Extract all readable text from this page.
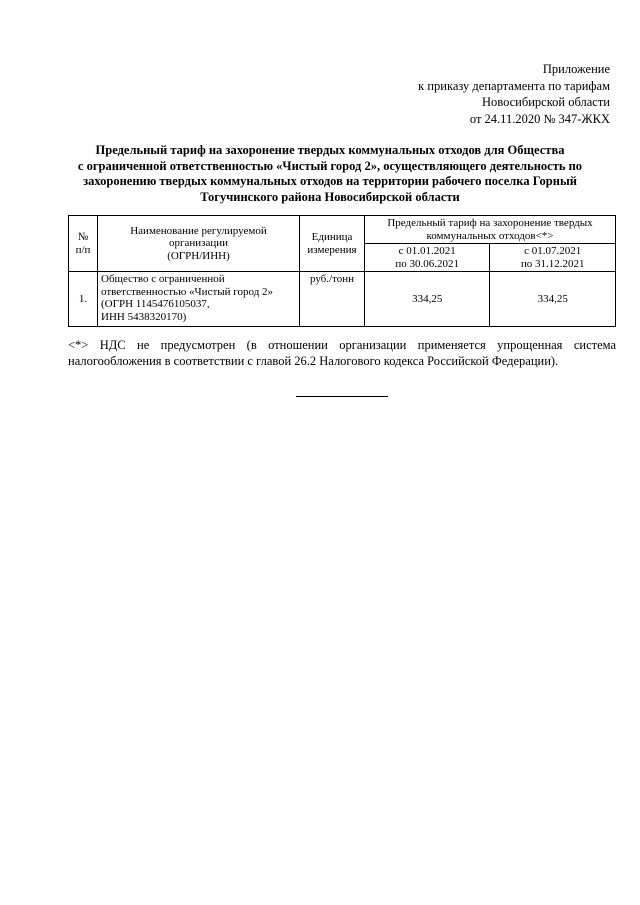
Приложение
к приказу департамента по тарифам
Новосибирской области
от 24.11.2020 № 347-ЖКХ
Предельный тариф на захоронение твердых коммунальных отходов для Общества
с ограниченной ответственностью «Чистый город 2», осуществляющего деятельность по
захоронению твердых коммунальных отходов на территории рабочего поселка Горный
Тогучинского района Новосибирской области
№
п/п	Наименование регулируемой
организации
(ОГРН/ИНН)	Единица
измерения	Предельный тариф на захоронение твердых коммунальных отходов<*>	
			с 01.01.2021
по 30.06.2021	с 01.07.2021
по 31.12.2021
1.	Общество с ограниченной
ответственностью «Чистый город 2»
(ОГРН 1145476105037,
ИНН 5438320170)	руб./тонн	334,25	334,25
<*> НДС не предусмотрен (в отношении организации применяется упрощенная система налогообложения в соответствии с главой 26.2 Налогового кодекса Российской Федерации).
